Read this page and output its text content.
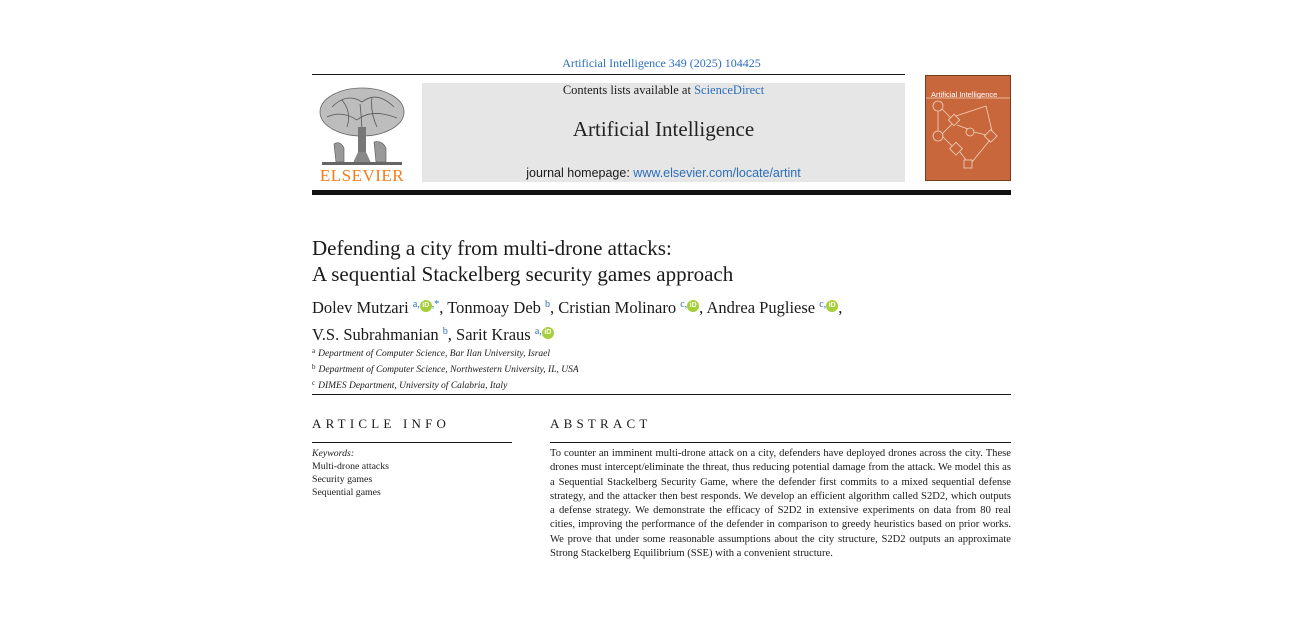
Artificial Intelligence 349 (2025) 104425
ELSEVIER
Contents lists available at ScienceDirect
Artificial Intelligence
journal homepage: www.elsevier.com/locate/artint
Artificial Intelligence
Defending a city from multi-drone attacks:
A sequential Stackelberg security games approach
Dolev Mutzari $^{a,}$ iD ,*, Tonmoay Deb $^b$, Cristian Molinaro $^{c,}$ iD , Andrea Pugliese $^{c,}$ iD ,
V.S. Subrahmanian $^b$, Sarit Kraus $^{a,}$ iD
$^a$ Department of Computer Science, Bar Ilan University, Israel
$^b$ Department of Computer Science, Northwestern University, IL, USA
$^c$ DIMES Department, University of Calabria, Italy
ARTICLE INFO
Keywords:
Multi-drone attacks
Security games
Sequential games
ABSTRACT
To counter an imminent multi-drone attack on a city, defenders have deployed drones across the city. These drones must intercept/eliminate the threat, thus reducing potential damage from the attack. We model this as a Sequential Stackelberg Security Game, where the defender first commits to a mixed sequential defense strategy, and the attacker then best responds. We develop an efficient algorithm called S2D2, which outputs a defense strategy. We demonstrate the efficacy of S2D2 in extensive experiments on data from 80 real cities, improving the performance of the defender in comparison to greedy heuristics based on prior works. We prove that under some reasonable assumptions about the city structure, S2D2 outputs an approximate Strong Stackelberg Equilibrium (SSE) with a convenient structure.
